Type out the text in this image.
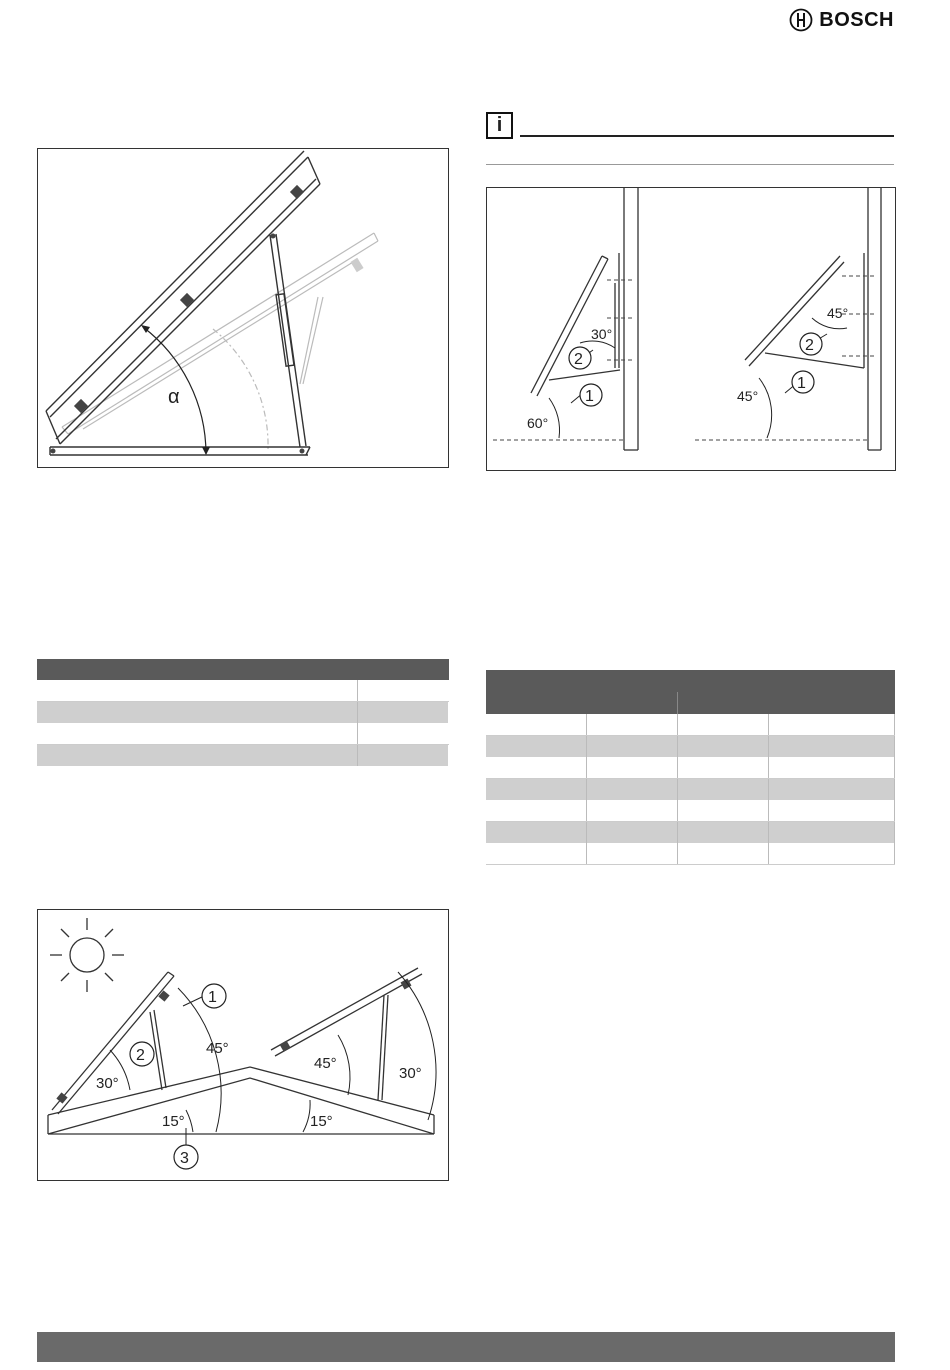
BOSCH
α
i
2
1
30°
60°
2
1
45°
45°

1
2
3
45°
30°
15°
45°
30°
15°
